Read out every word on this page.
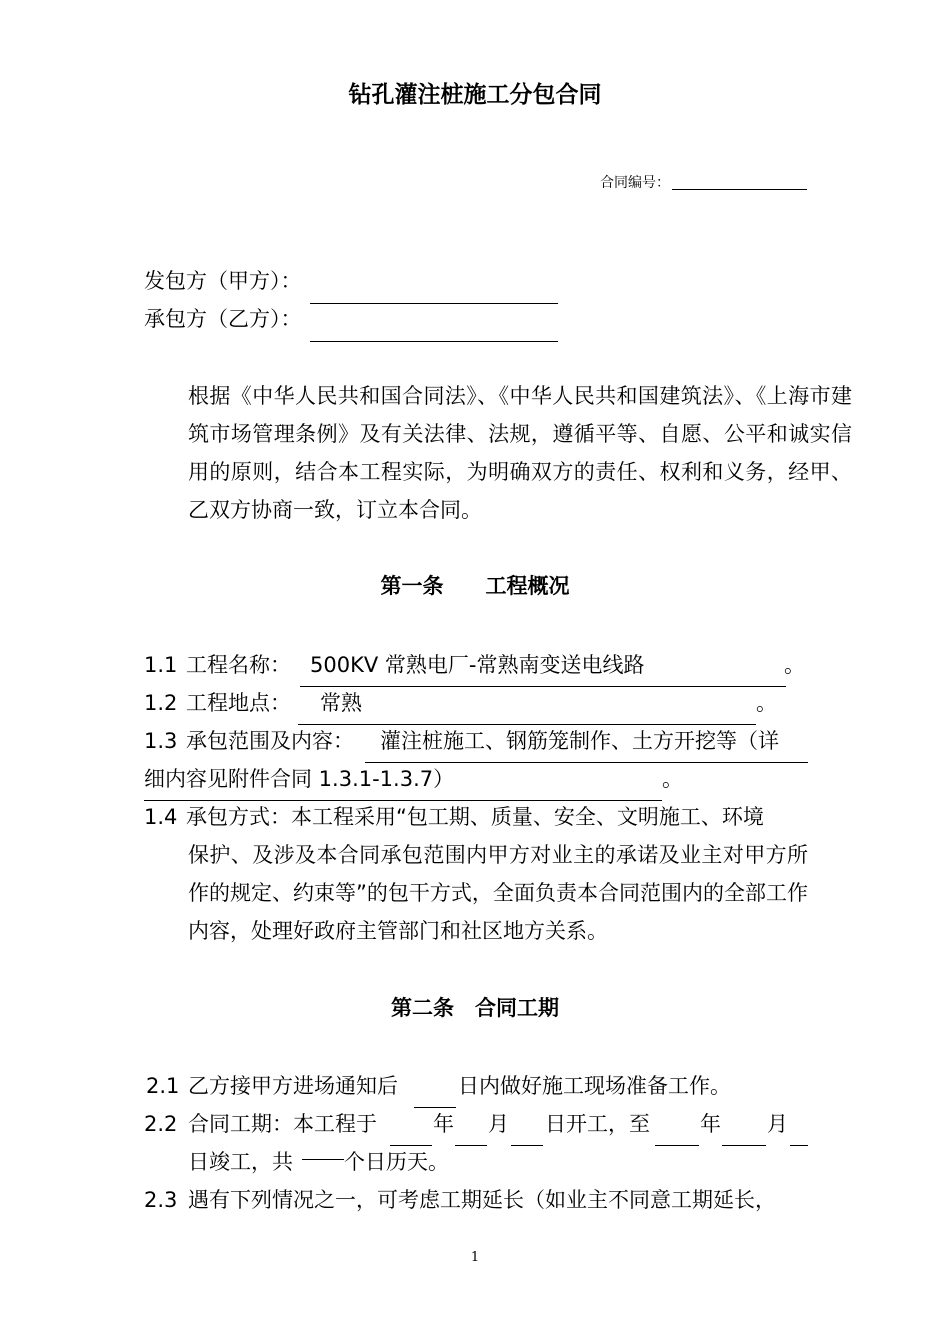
钻孔灌注桩施工分包合同
合同编号：
发包方（甲方）：
承包方（乙方）：
根据《中华人民共和国合同法》、《中华人民共和国建筑法》、《上海市建筑市场管理条例》及有关法律、法规，遵循平等、自愿、公平和诚实信用的原则，结合本工程实际，为明确双方的责任、权利和义务，经甲、乙双方协商一致，订立本合同。
第一条　　工程概况
1.1 工程名称： 500KV 常熟电厂-常熟南变送电线路	。
1.2 工程地点： 常熟	。
1.3 承包范围及内容： 灌注桩施工、钢筋笼制作、土方开挖等（详
细内容见附件合同 1.3.1-1.3.7）	。
1.4 承包方式：本工程采用“包工期、质量、安全、文明施工、环境
保护、及涉及本合同承包范围内甲方对业主的承诺及业主对甲方所作的规定、约束等”的包干方式，全面负责本合同范围内的全部工作内容，处理好政府主管部门和社区地方关系。
第二条　合同工期
2.1 乙方接甲方进场通知后	日内做好施工现场准备工作。
2.2 合同工期：本工程于	年 月 日开工，至 年 月
日竣工，共 个日历天。
2.3 遇有下列情况之一，可考虑工期延长（如业主不同意工期延长，
1
